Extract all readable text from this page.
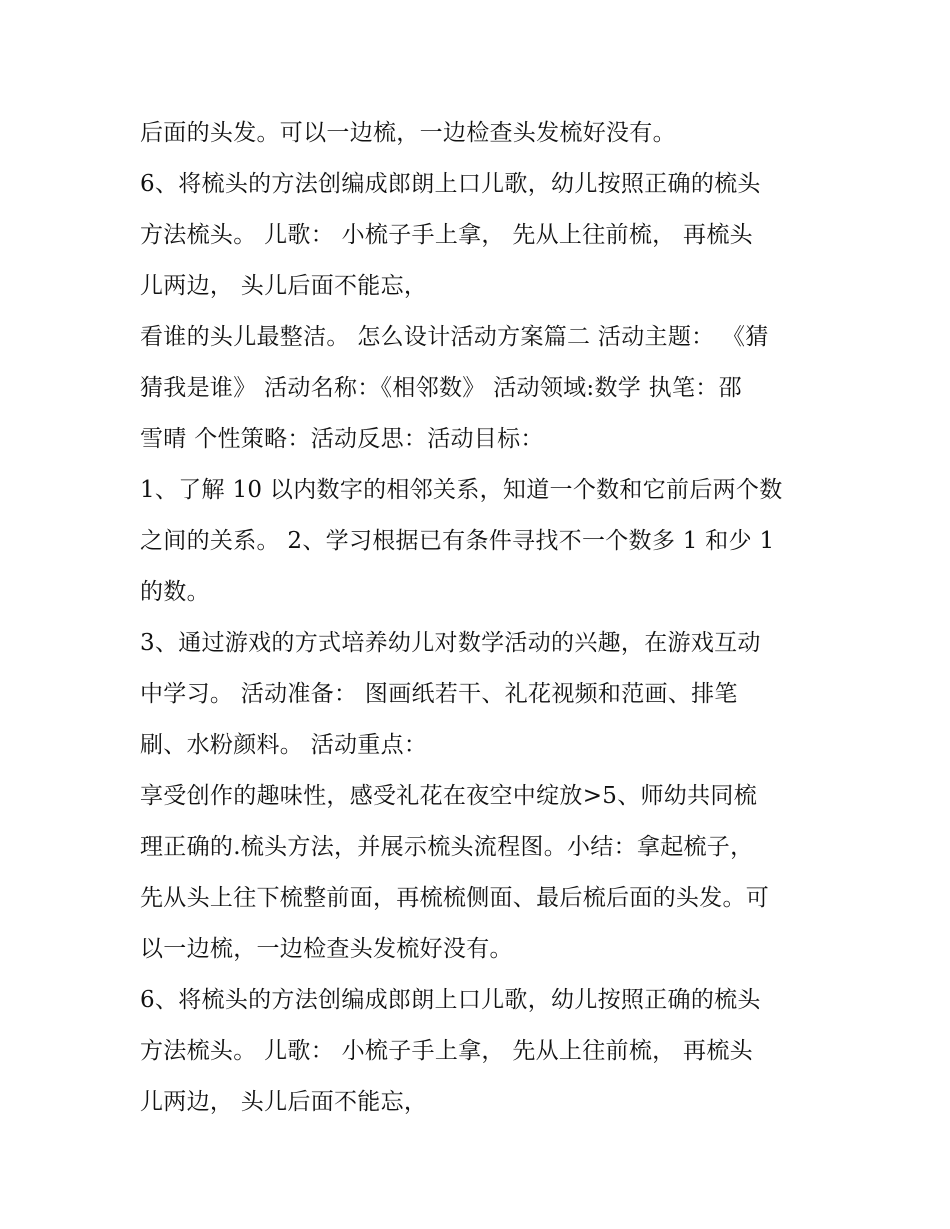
后面的头发。可以一边梳，一边检查头发梳好没有。
6、将梳头的方法创编成郎朗上口儿歌，幼儿按照正确的梳头
方法梳头。 儿歌： 小梳子手上拿， 先从上往前梳， 再梳头
儿两边， 头儿后面不能忘，
看谁的头儿最整洁。 怎么设计活动方案篇二 活动主题： 《猜
猜我是谁》 活动名称：《相邻数》 活动领域:数学 执笔：邵
雪晴 个性策略：活动反思：活动目标：
1、了解 10 以内数字的相邻关系，知道一个数和它前后两个数
之间的关系。 2、学习根据已有条件寻找不一个数多 1 和少 1
的数。
3、通过游戏的方式培养幼儿对数学活动的兴趣，在游戏互动
中学习。 活动准备： 图画纸若干、礼花视频和范画、排笔
刷、水粉颜料。 活动重点：
享受创作的趣味性，感受礼花在夜空中绽放>5、师幼共同梳
理正确的.梳头方法，并展示梳头流程图。小结：拿起梳子，
先从头上往下梳整前面，再梳梳侧面、最后梳后面的头发。可
以一边梳，一边检查头发梳好没有。
6、将梳头的方法创编成郎朗上口儿歌，幼儿按照正确的梳头
方法梳头。 儿歌： 小梳子手上拿， 先从上往前梳， 再梳头
儿两边， 头儿后面不能忘，
